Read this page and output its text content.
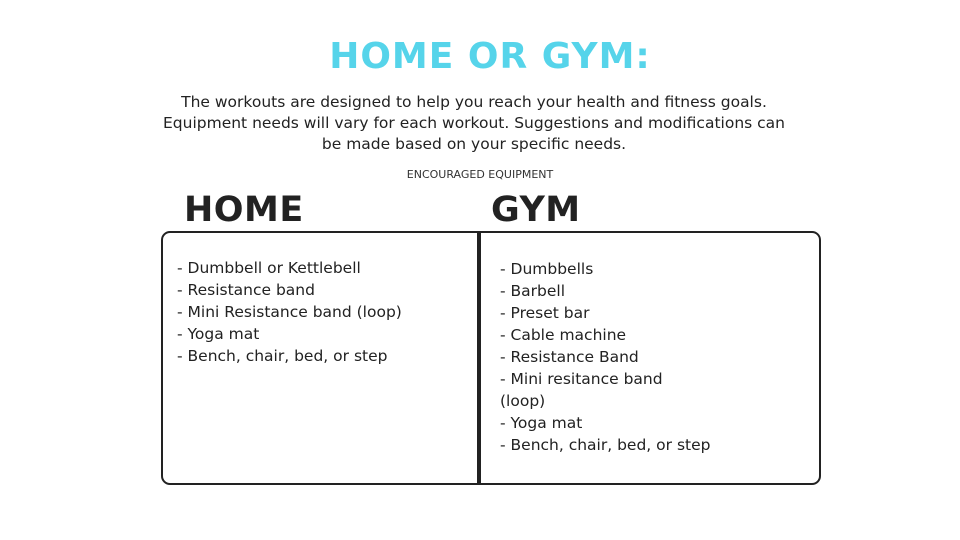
HOME OR GYM:
The workouts are designed to help you reach your health and fitness goals.
Equipment needs will vary for each workout. Suggestions and modifications can
be made based on your specific needs.
ENCOURAGED EQUIPMENT
HOME	GYM
- Dumbbell or Kettlebell
- Resistance band
- Mini Resistance band (loop)
- Yoga mat
- Bench, chair, bed, or step
- Dumbbells
- Barbell
- Preset bar
- Cable machine
- Resistance Band
- Mini resitance band
(loop)
- Yoga mat
- Bench, chair, bed, or step
